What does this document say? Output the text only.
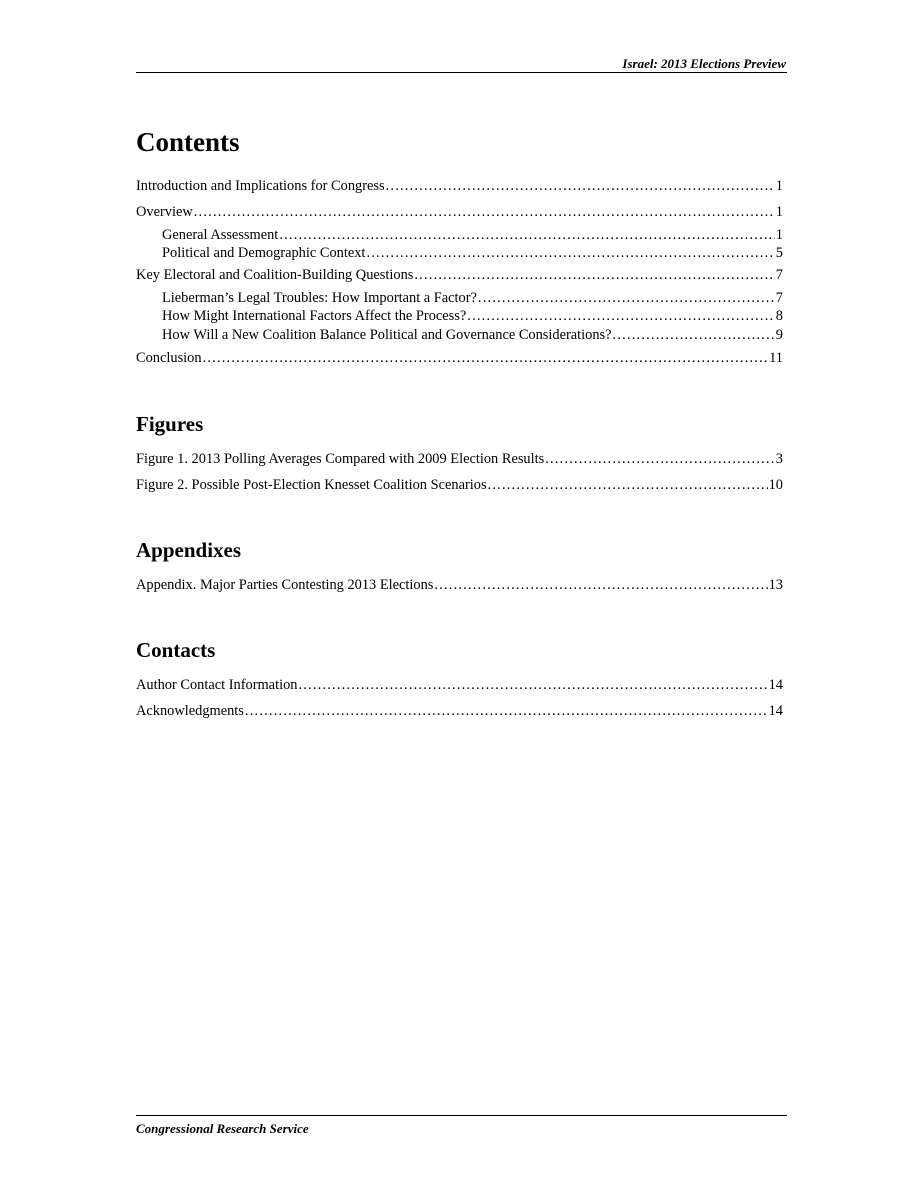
Israel: 2013 Elections Preview
Contents
Introduction and Implications for Congress .....	1
Overview .....	1
General Assessment .....	1
Political and Demographic Context .....	5
Key Electoral and Coalition-Building Questions .....	7
Lieberman’s Legal Troubles: How Important a Factor? .....	7
How Might International Factors Affect the Process? .....	8
How Will a New Coalition Balance Political and Governance Considerations? .....	9
Conclusion .....	11
Figures
Figure 1. 2013 Polling Averages Compared with 2009 Election Results .....	3
Figure 2. Possible Post-Election Knesset Coalition Scenarios .....	10
Appendixes
Appendix. Major Parties Contesting 2013 Elections .....	13
Contacts
Author Contact Information .....	14
Acknowledgments .....	14
Congressional Research Service
